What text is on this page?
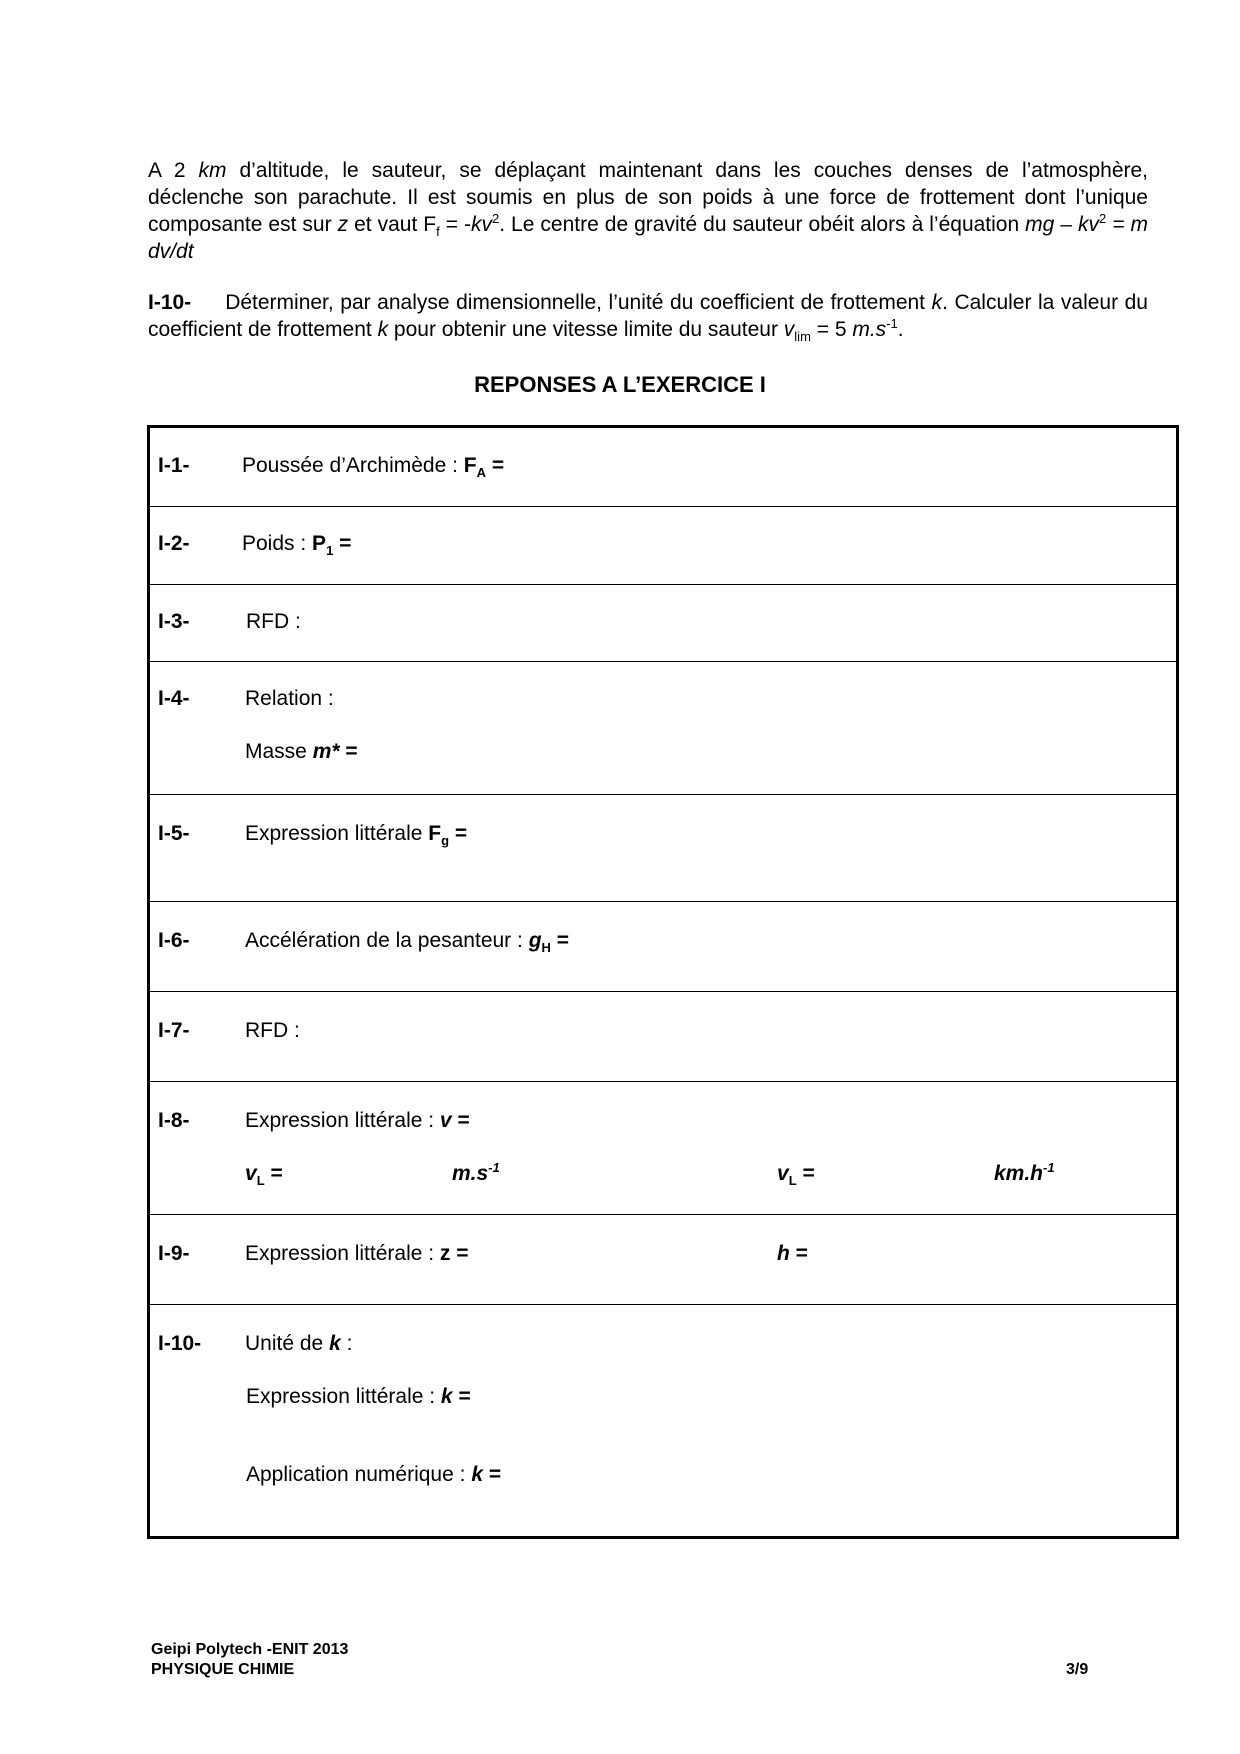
A 2 km d’altitude, le sauteur, se déplaçant maintenant dans les couches denses de l’atmosphère, déclenche son parachute. Il est soumis en plus de son poids à une force de frottement dont l’unique composante est sur z et vaut $F_f = -kv^2$. Le centre de gravité du sauteur obéit alors à l’équation mg – $kv^2 = m$ dv/dt

I-10- Déterminer, par analyse dimensionnelle, l’unité du coefficient de frottement k. Calculer la valeur du coefficient de frottement k pour obtenir une vitesse limite du sauteur $v_{lim} = 5$ $m.s^{-1}$.

REPONSES A L’EXERCICE I
I-1-	Poussée d’Archimède : $F_A$ =
I-2-	Poids : $P_1$ =
I-3-	RFD :
I-4-	Relation :
Masse m* =
I-5-	Expression littérale $F_g$ =
I-6-	Accélération de la pesanteur : $g_H$ =
I-7-	RFD :
I-8-	Expression littérale : v =
$v_L$ =	$m.s^{-1}$	$v_L$ =	$km.h^{-1}$
I-9-	Expression littérale : z =	h =
I-10- Unité de k :
Expression littérale : k =
Application numérique : k =
Geipi Polytech -ENIT 2013
PHYSIQUE CHIMIE	3/9
